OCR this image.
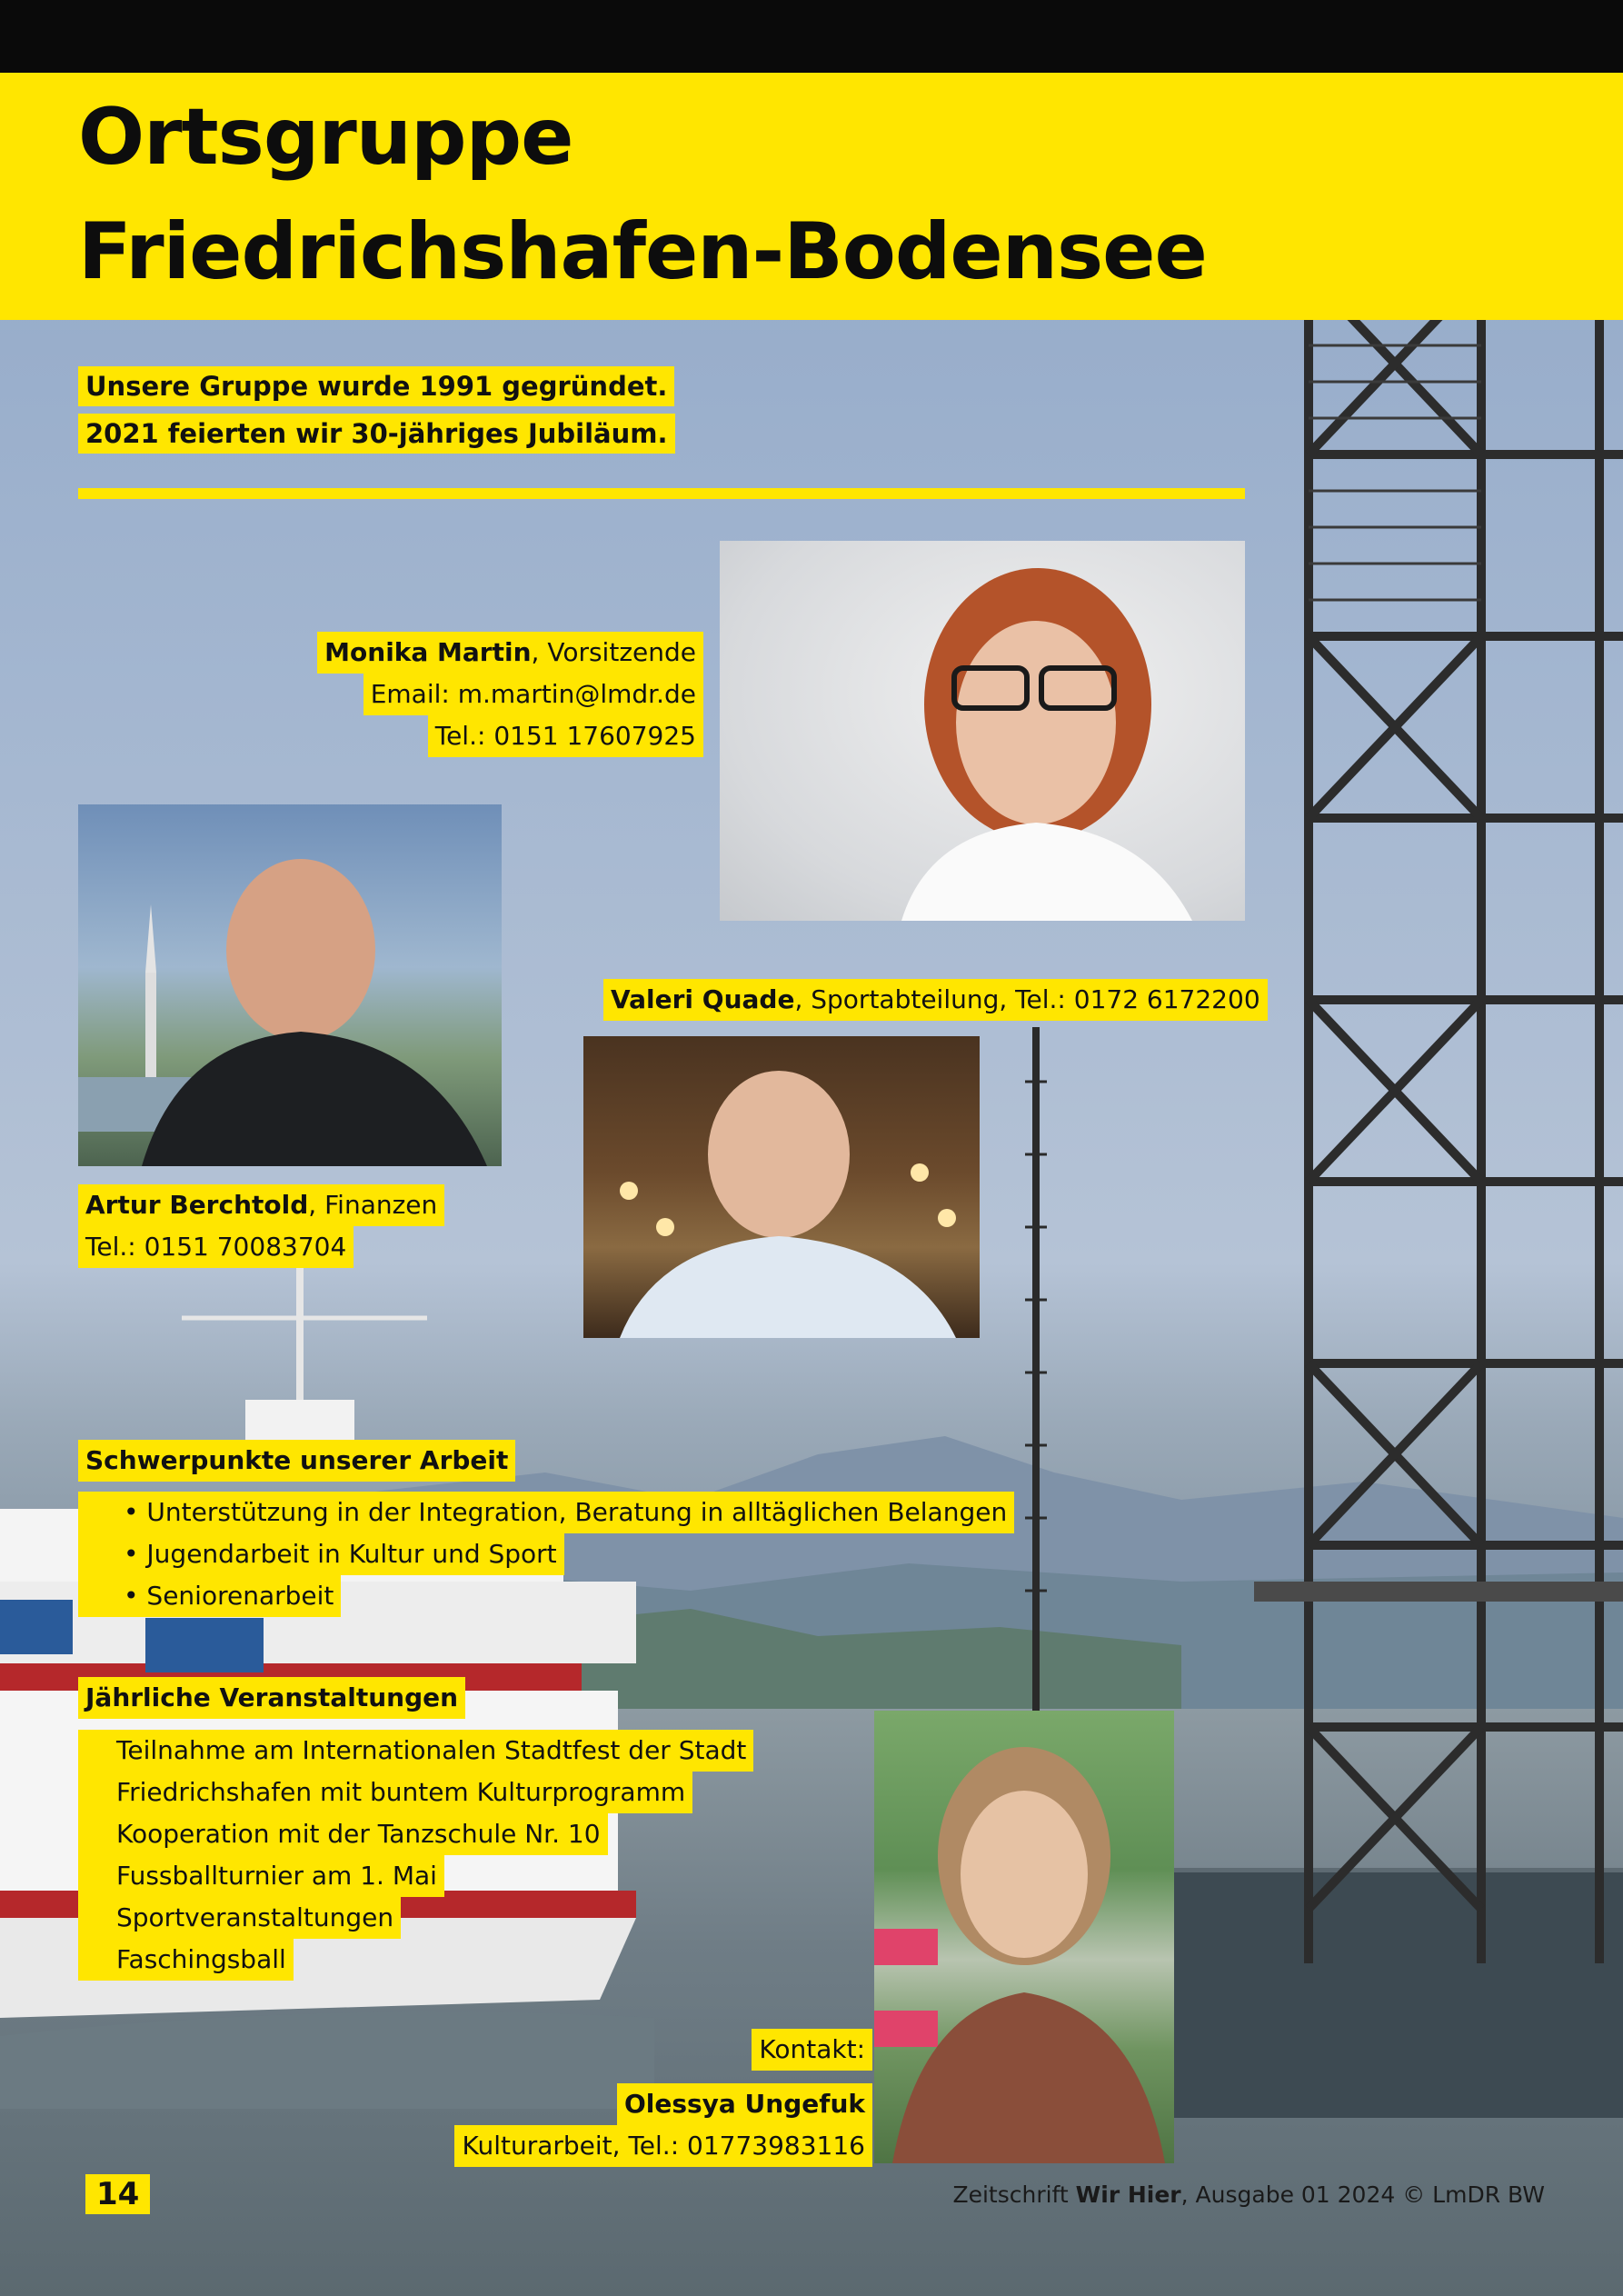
Ortsgruppe
Friedrichshafen-Bodensee
Unsere Gruppe wurde 1991 gegründet.
2021 feierten wir 30-jähriges Jubiläum.
Monika Martin, Vorsitzende
Email: m.martin@lmdr.de
Tel.: 0151 17607925
Artur Berchtold, Finanzen
Tel.: 0151 70083704
Valeri Quade, Sportabteilung, Tel.: 0172 6172200
Schwerpunkte unserer Arbeit
• Unterstützung in der Integration, Beratung in alltäglichen Belangen
• Jugendarbeit in Kultur und Sport
• Seniorenarbeit
Jährliche Veranstaltungen
Teilnahme am Internationalen Stadtfest der Stadt
Friedrichshafen mit buntem Kulturprogramm
Kooperation mit der Tanzschule Nr. 10
Fussballturnier am 1. Mai
Sportveranstaltungen
Faschingsball
Kontakt:
Olessya Ungefuk
Kulturarbeit, Tel.: 01773983116
14	Zeitschrift Wir Hier, Ausgabe 01 2024 © LmDR BW
